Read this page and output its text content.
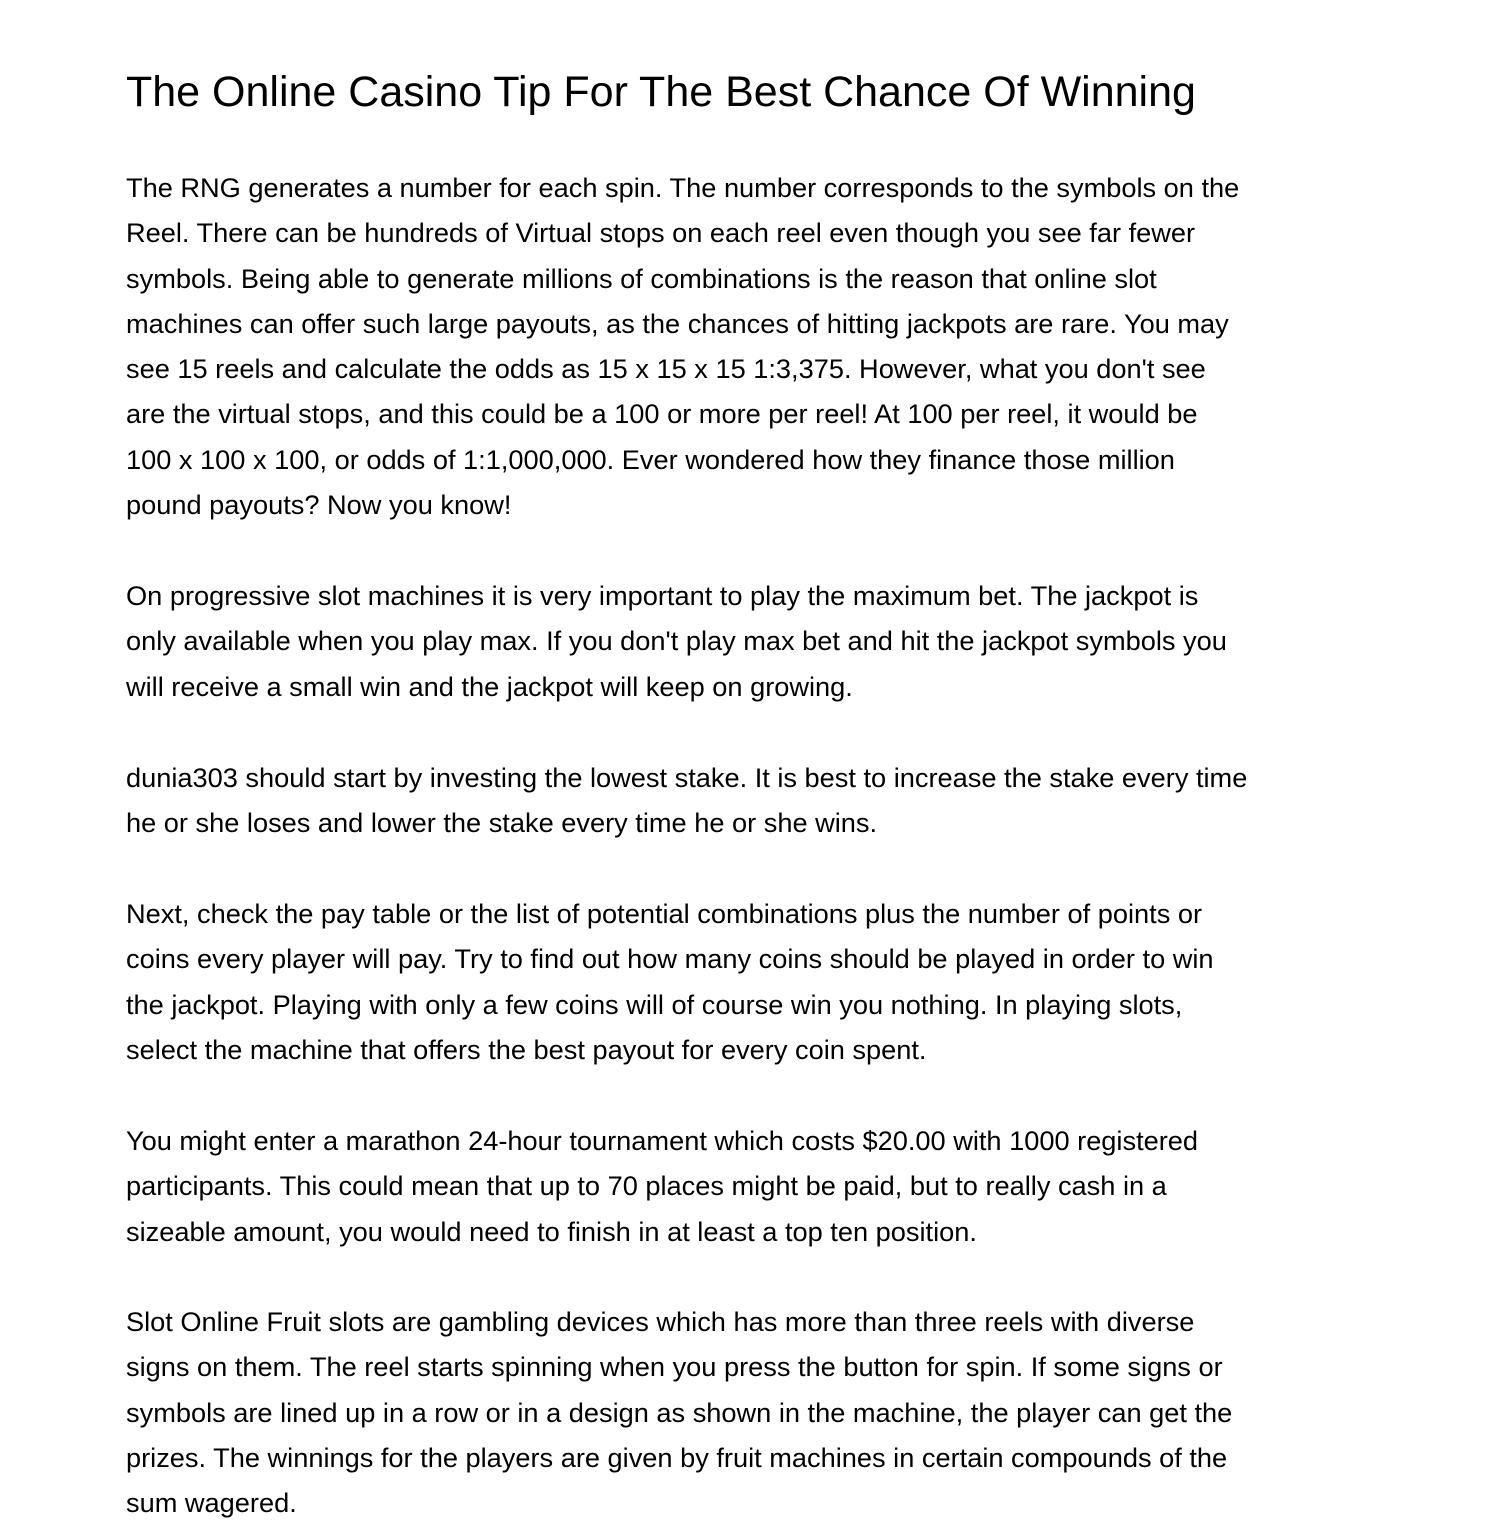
The Online Casino Tip For The Best Chance Of Winning

The RNG generates a number for each spin. The number corresponds to the symbols on the
Reel. There can be hundreds of Virtual stops on each reel even though you see far fewer
symbols. Being able to generate millions of combinations is the reason that online slot
machines can offer such large payouts, as the chances of hitting jackpots are rare. You may
see 15 reels and calculate the odds as 15 x 15 x 15 1:3,375. However, what you don't see
are the virtual stops, and this could be a 100 or more per reel! At 100 per reel, it would be
100 x 100 x 100, or odds of 1:1,000,000. Ever wondered how they finance those million
pound payouts? Now you know!

On progressive slot machines it is very important to play the maximum bet. The jackpot is
only available when you play max. If you don't play max bet and hit the jackpot symbols you
will receive a small win and the jackpot will keep on growing.

dunia303 should start by investing the lowest stake. It is best to increase the stake every time
he or she loses and lower the stake every time he or she wins.

Next, check the pay table or the list of potential combinations plus the number of points or
coins every player will pay. Try to find out how many coins should be played in order to win
the jackpot. Playing with only a few coins will of course win you nothing. In playing slots,
select the machine that offers the best payout for every coin spent.

You might enter a marathon 24-hour tournament which costs $20.00 with 1000 registered
participants. This could mean that up to 70 places might be paid, but to really cash in a
sizeable amount, you would need to finish in at least a top ten position.

Slot Online Fruit slots are gambling devices which has more than three reels with diverse
signs on them. The reel starts spinning when you press the button for spin. If some signs or
symbols are lined up in a row or in a design as shown in the machine, the player can get the
prizes. The winnings for the players are given by fruit machines in certain compounds of the
sum wagered.
